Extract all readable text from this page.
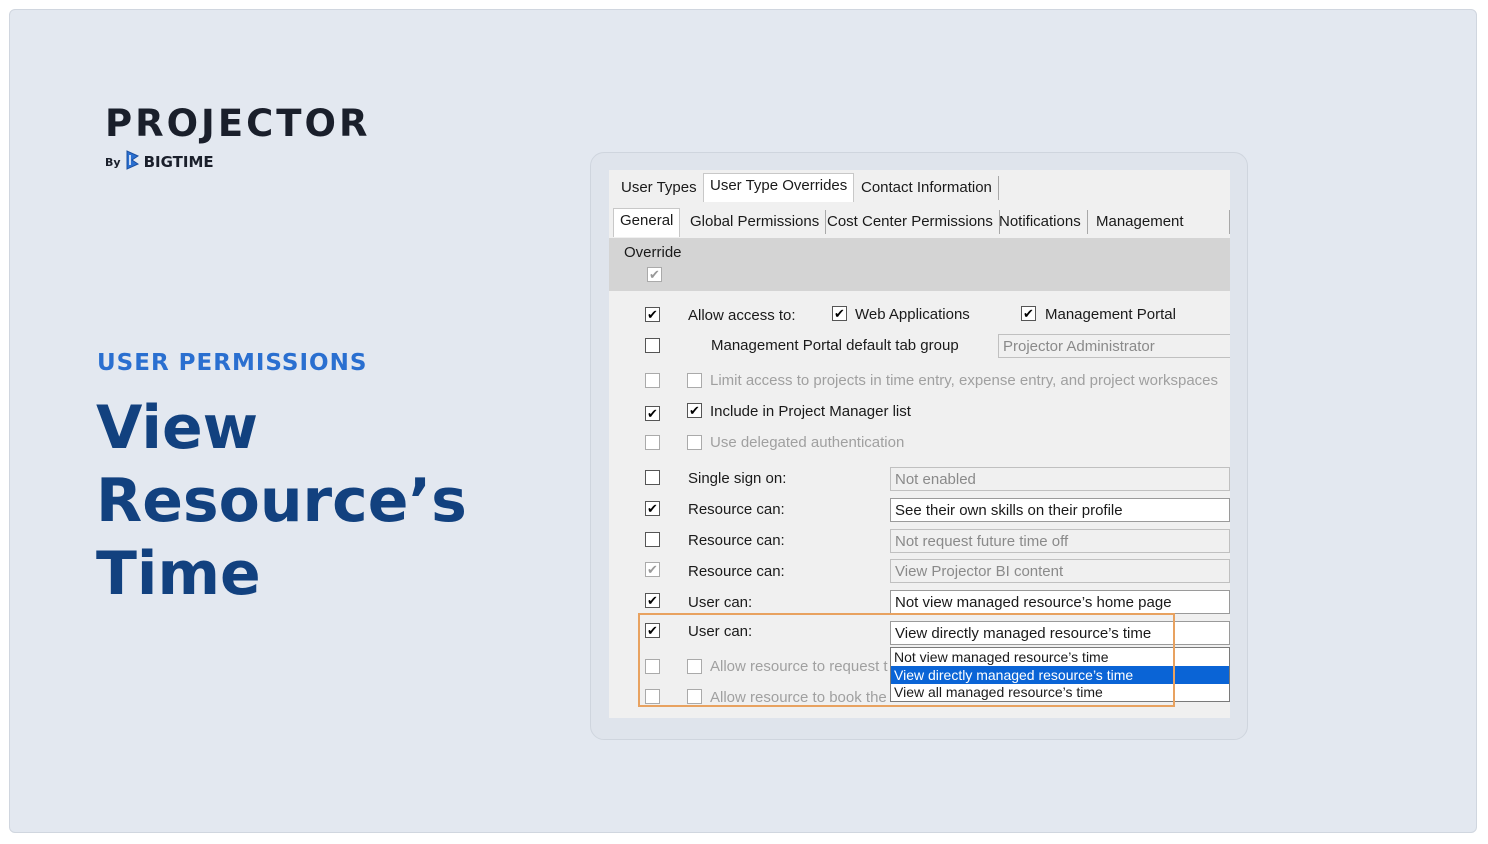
PROJECTOR
By BIGTIME
USER PERMISSIONS
View
Resource’s
Time
User Types User Type Overrides Contact Information
General	Global Permissions Cost Center Permissions Notifications	Management
Override
✔
✔ Allow access to:	✔ Web Applications	✔ Management Portal
Management Portal default tab group	Projector Administrator
Limit access to projects in time entry, expense entry, and project workspaces
✔ ✔ Include in Project Manager list
Use delegated authentication
Single sign on:	Not enabled
✔ Resource can:	See their own skills on their profile
Resource can:	Not request future time off
✔ Resource can:	View Projector BI content
✔ User can:	Not view managed resource’s home page
✔ User can:	View directly managed resource’s time
Allow resource to request t
Allow resource to book the
Not view managed resource’s time
View directly managed resource’s time
View all managed resource’s time
